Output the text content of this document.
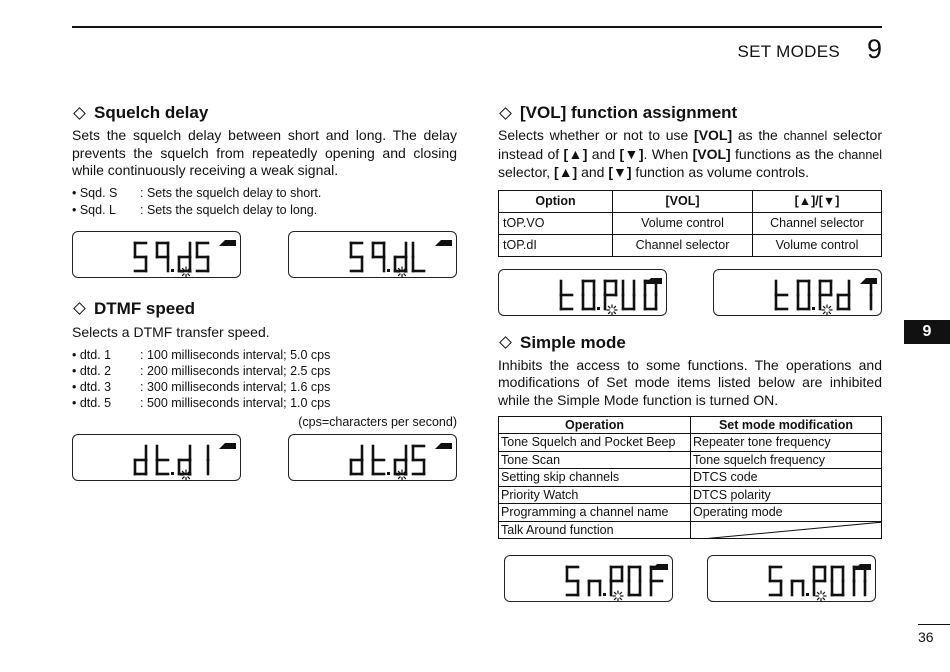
SET MODES 9
Squelch delay

Sets the squelch delay between short and long. The delay prevents the squelch from repeatedly opening and closing while continuously receiving a weak signal.

• Sqd. S	: Sets the squelch delay to short.
• Sqd. L	: Sets the squelch delay to long.
DTMF speed

Selects a DTMF transfer speed.

• dtd. 1	: 100 milliseconds interval; 5.0 cps
• dtd. 2	: 200 milliseconds interval; 2.5 cps
• dtd. 3	: 300 milliseconds interval; 1.6 cps
• dtd. 5	: 500 milliseconds interval; 1.0 cps
(cps=characters per second)
[VOL] function assignment

Selects whether or not to use [VOL] as the channel selector instead of [▲] and [▼]. When [VOL] functions as the channel selector, [▲] and [▼] function as volume controls.

Option	[VOL]	[▲]/[▼]
tOP.VO	Volume control	Channel selector
tOP.dI	Channel selector	Volume control
Simple mode

Inhibits the access to some functions. The operations and modifications of Set mode items listed below are inhibited while the Simple Mode function is turned ON.

Operation	Set mode modification
Tone Squelch and Pocket Beep	Repeater tone frequency
Tone Scan	Tone squelch frequency
Setting skip channels	DTCS code
Priority Watch	DTCS polarity
Programming a channel name	Operating mode
Talk Around function	
9
36
